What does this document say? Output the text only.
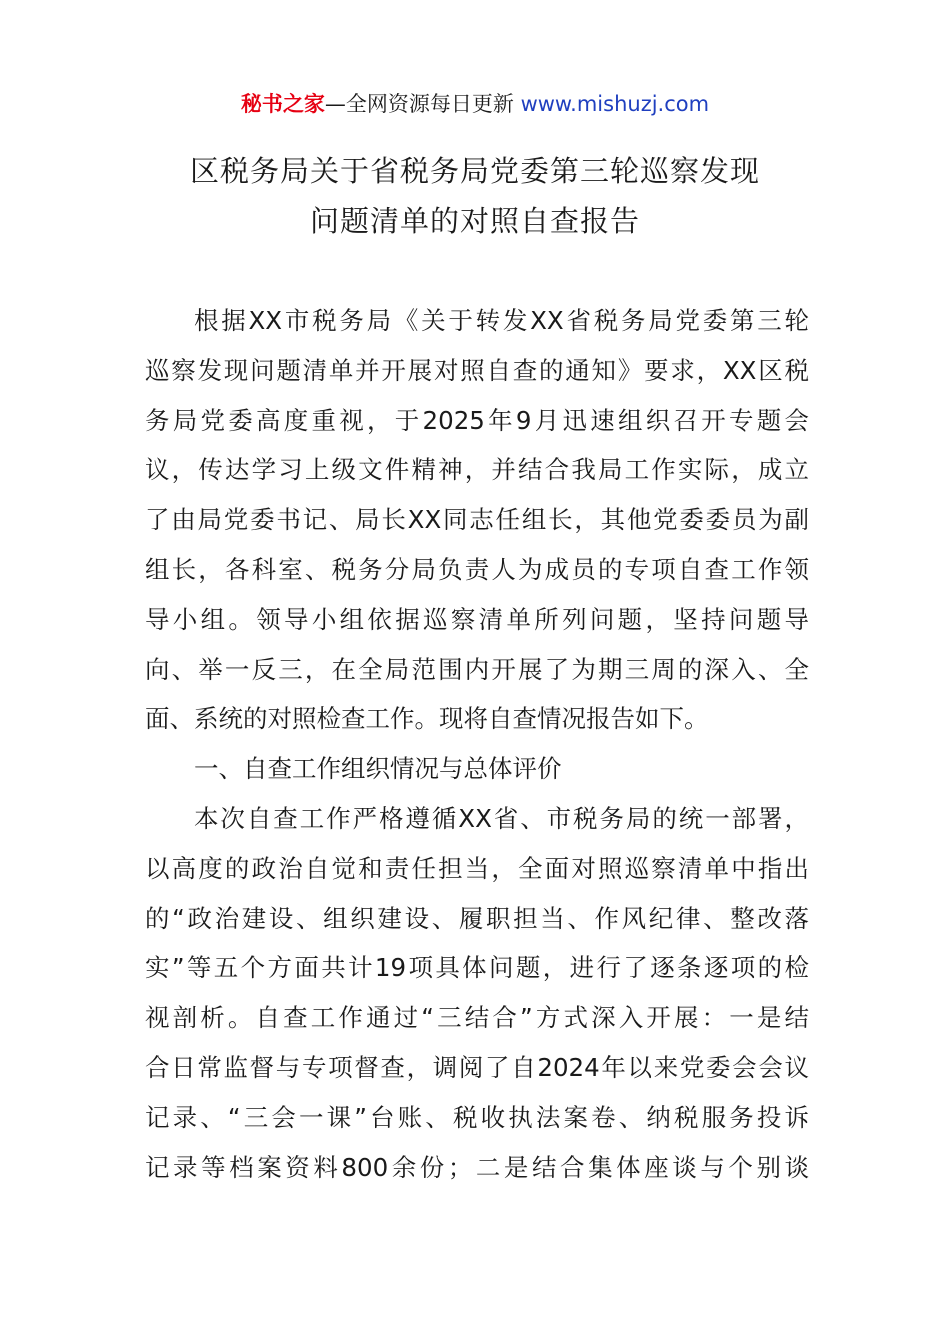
秘书之家—全网资源每日更新 www.mishuzj.com
区税务局关于省税务局党委第三轮巡察发现
问题清单的对照自查报告
根据XX市税务局《关于转发XX省税务局党委第三轮
巡察发现问题清单并开展对照自查的通知》要求，XX区税
务局党委高度重视，于2025年9月迅速组织召开专题会
议，传达学习上级文件精神，并结合我局工作实际，成立
了由局党委书记、局长XX同志任组长，其他党委委员为副
组长，各科室、税务分局负责人为成员的专项自查工作领
导小组。领导小组依据巡察清单所列问题，坚持问题导
向、举一反三，在全局范围内开展了为期三周的深入、全
面、系统的对照检查工作。现将自查情况报告如下。
一、自查工作组织情况与总体评价
本次自查工作严格遵循XX省、市税务局的统一部署，
以高度的政治自觉和责任担当，全面对照巡察清单中指出
的“政治建设、组织建设、履职担当、作风纪律、整改落
实”等五个方面共计19项具体问题，进行了逐条逐项的检
视剖析。自查工作通过“三结合”方式深入开展：一是结
合日常监督与专项督查，调阅了自2024年以来党委会会议
记录、“三会一课”台账、税收执法案卷、纳税服务投诉
记录等档案资料800余份；二是结合集体座谈与个别谈
